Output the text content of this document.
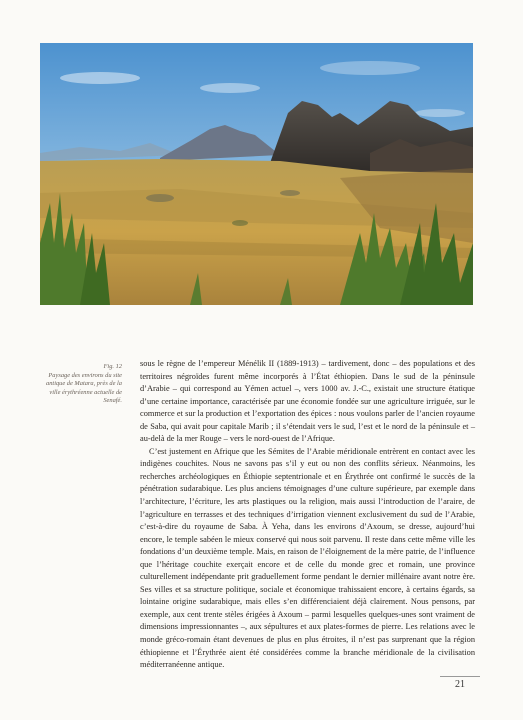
Fig. 12
Paysage des environs du site antique de Matara, près de la ville érythréenne actuelle de Senafé.

sous le règne de l’empereur Ménélik II (1889-1913) – tardivement, donc – des populations et des territoires négroïdes furent même incorporés à l’État éthiopien. Dans le sud de la péninsule d’Arabie – qui correspond au Yémen actuel –, vers 1000 av. J.-C., existait une structure étatique d’une certaine importance, caractérisée par une économie fondée sur une agriculture irriguée, sur le commerce et sur la production et l’exportation des épices : nous voulons parler de l’ancien royaume de Saba, qui avait pour capitale Marib ; il s’étendait vers le sud, l’est et le nord de la péninsule et – au-delà de la mer Rouge – vers le nord-ouest de l’Afrique.

C’est justement en Afrique que les Sémites de l’Arabie méridionale entrèrent en contact avec les indigènes couchites. Nous ne savons pas s’il y eut ou non des conflits sérieux. Néanmoins, les recherches archéologiques en Éthiopie septentrionale et en Érythrée ont confirmé le succès de la pénétration sudarabique. Les plus anciens témoignages d’une culture supérieure, par exemple dans l’architecture, l’écriture, les arts plastiques ou la religion, mais aussi l’introduction de l’araire, de l’agriculture en terrasses et des techniques d’irrigation viennent exclusivement du sud de l’Arabie, c’est-à-dire du royaume de Saba. À Yeha, dans les environs d’Axoum, se dresse, aujourd’hui encore, le temple sabéen le mieux conservé qui nous soit parvenu. Il reste dans cette même ville les fondations d’un deuxième temple. Mais, en raison de l’éloignement de la mère patrie, de l’influence que l’héritage couchite exerçait encore et de celle du monde grec et romain, une province culturellement indépendante prit graduellement forme pendant le dernier millénaire avant notre ère. Ses villes et sa structure politique, sociale et économique trahissaient encore, à certains égards, sa lointaine origine sudarabique, mais elles s’en différenciaient déjà clairement. Nous pensons, par exemple, aux cent trente stèles érigées à Axoum – parmi lesquelles quelques-unes sont vraiment de dimensions impressionnantes –, aux sépultures et aux plates-formes de pierre. Les relations avec le monde gréco-romain étant devenues de plus en plus étroites, il n’est pas surprenant que la région éthiopienne et l’Érythrée aient été considérées comme la branche méridionale de la civilisation méditerranéenne antique.

21
